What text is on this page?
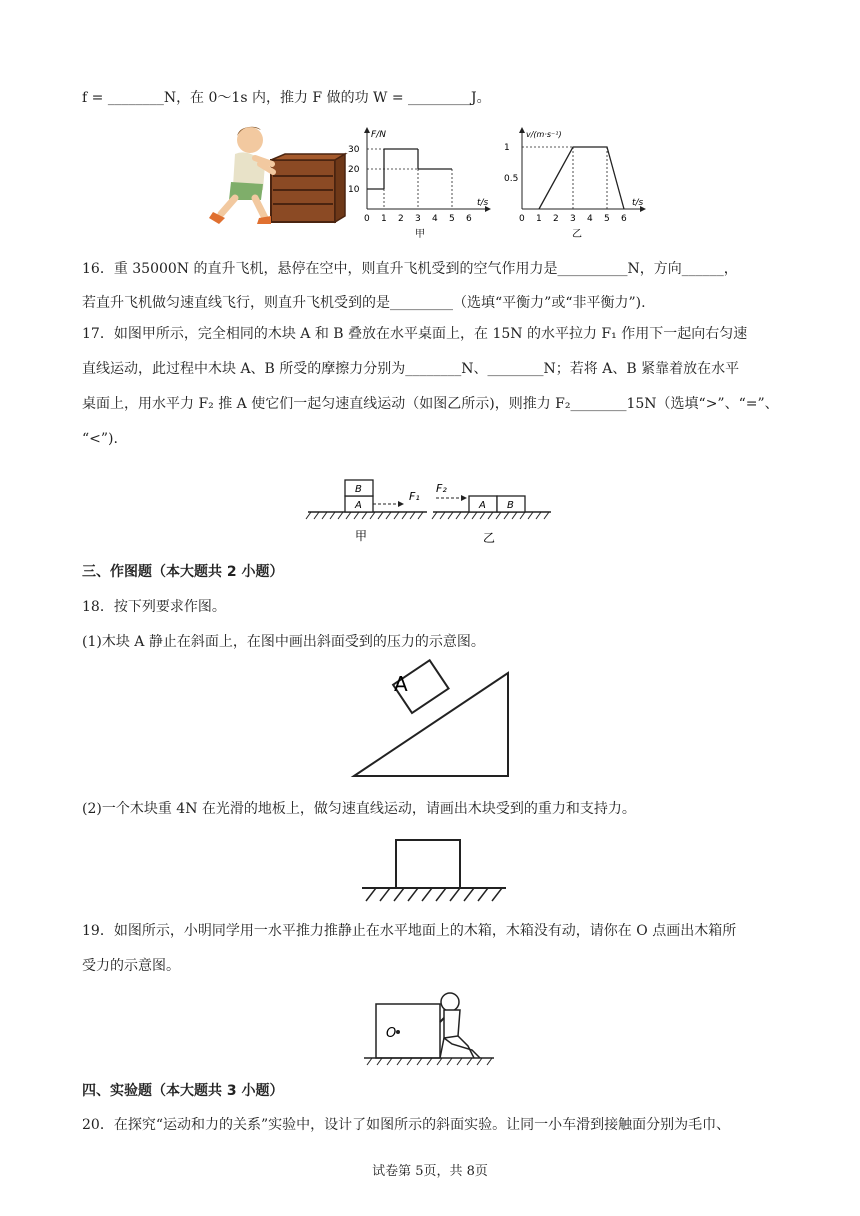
f = ________N，在 0～1s 内，推力 F 做的功 W = _________J。
F/N
t/s
0 1 2 3 4 5 6
10
20
30
甲
v/(m·s⁻¹)
t/s
0 1 2 3 4 5 6
0.5
1
乙
16．重 35000N 的直升飞机，悬停在空中，则直升飞机受到的空气作用力是__________N，方向______，
若直升飞机做匀速直线飞行，则直升飞机受到的是_________（选填“平衡力”或“非平衡力”).
17．如图甲所示，完全相同的木块 A 和 B 叠放在水平桌面上，在 15N 的水平拉力 F₁ 作用下一起向右匀速
直线运动，此过程中木块 A、B 所受的摩擦力分别为________N、________N；若将 A、B 紧靠着放在水平
桌面上，用水平力 F₂ 推 A 使它们一起匀速直线运动（如图乙所示)，则推力 F₂________15N（选填“>”、“=”、
“<”).
B
A
F₁
甲
A B
F₂
乙
三、作图题（本大题共 2 小题）
18．按下列要求作图。
(1)木块 A 静止在斜面上，在图中画出斜面受到的压力的示意图。
A
(2)一个木块重 4N 在光滑的地板上，做匀速直线运动，请画出木块受到的重力和支持力。
19．如图所示，小明同学用一水平推力推静止在水平地面上的木箱，木箱没有动，请你在 O 点画出木箱所
受力的示意图。
O
四、实验题（本大题共 3 小题）
20．在探究“运动和力的关系”实验中，设计了如图所示的斜面实验。让同一小车滑到接触面分别为毛巾、
试卷第 5页，共 8页
